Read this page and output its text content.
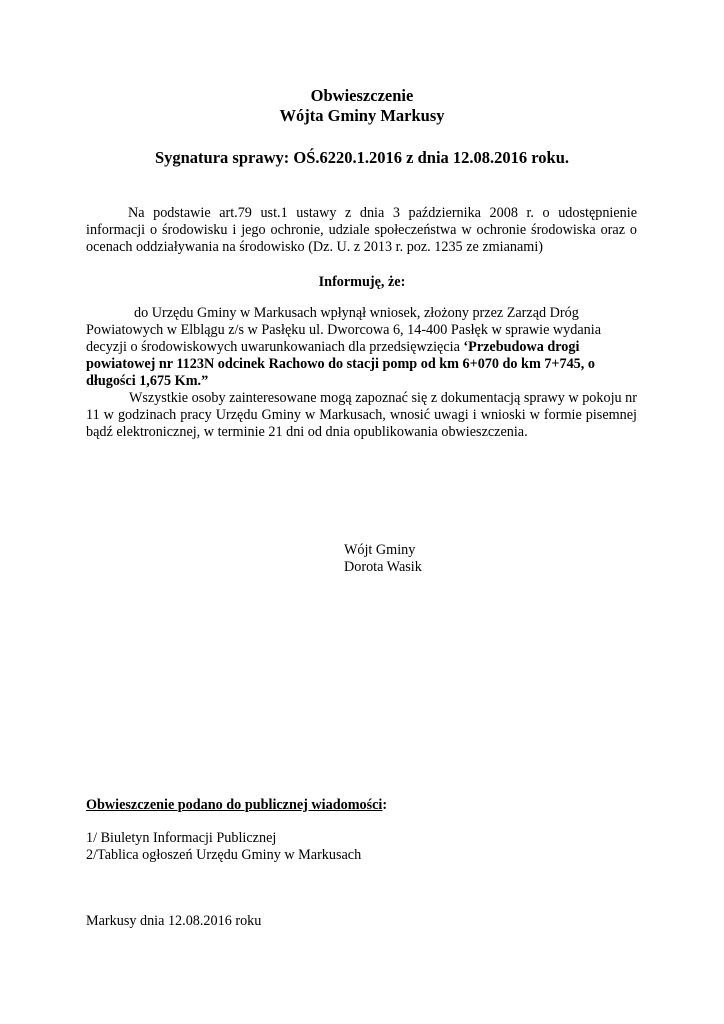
Obwieszczenie
Wójta Gminy Markusy
Sygnatura sprawy: OŚ.6220.1.2016 z dnia 12.08.2016 roku.
Na podstawie art.79 ust.1 ustawy z dnia 3 października 2008 r. o udostępnienie informacji o środowisku i jego ochronie, udziale społeczeństwa w ochronie środowiska oraz o ocenach oddziaływania na środowisko (Dz. U. z 2013 r. poz. 1235 ze zmianami)
Informuję, że:
do Urzędu Gminy w Markusach wpłynął wniosek, złożony przez Zarząd Dróg
Powiatowych w Elblągu z/s w Pasłęku ul. Dworcowa 6, 14-400 Pasłęk w sprawie wydania
decyzji o środowiskowych uwarunkowaniach dla przedsięwzięcia ‘Przebudowa drogi
powiatowej nr 1123N odcinek Rachowo do stacji pomp od km 6+070 do km 7+745, o
długości 1,675 Km.”
Wszystkie osoby zainteresowane mogą zapoznać się z dokumentacją sprawy w pokoju nr 11 w godzinach pracy Urzędu Gminy w Markusach, wnosić uwagi i wnioski w formie pisemnej bądź elektronicznej, w terminie 21 dni od dnia opublikowania obwieszczenia.
Wójt Gminy
Dorota Wasik
Obwieszczenie podano do publicznej wiadomości:
1/ Biuletyn Informacji Publicznej
2/Tablica ogłoszeń Urzędu Gminy w Markusach
Markusy dnia 12.08.2016 roku
